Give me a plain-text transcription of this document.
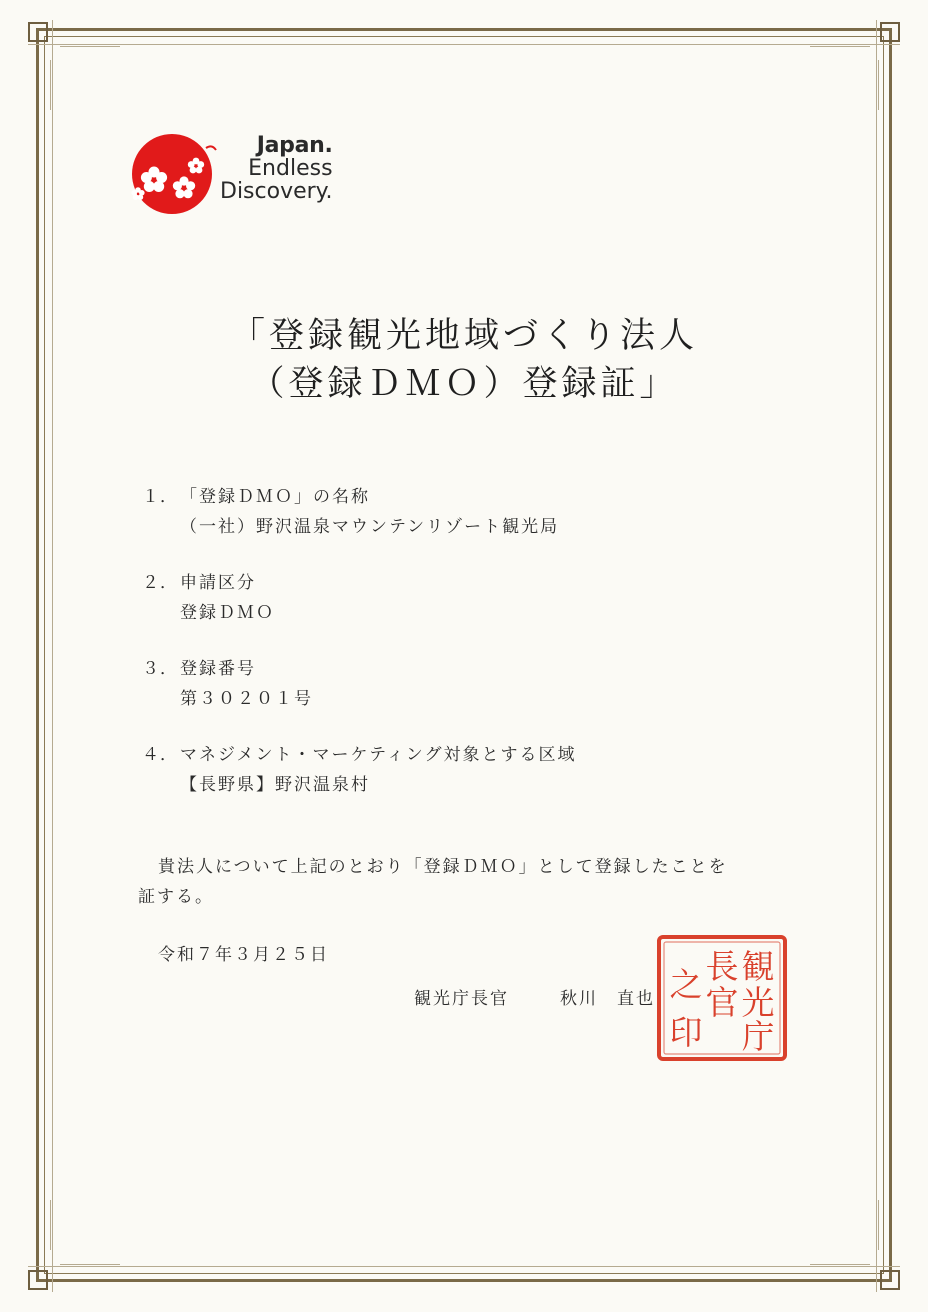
Japan.
Endless
Discovery.
「登録観光地域づくり法人
（登録ＤＭＯ）登録証」
１． 「登録ＤＭＯ」の名称
（一社）野沢温泉マウンテンリゾート観光局
２． 申請区分
登録ＤＭＯ
３． 登録番号
第３０２０１号
４． マネジメント・マーケティング対象とする区域
【長野県】野沢温泉村
貴法人について上記のとおり「登録ＤＭＯ」として登録したことを
証する。
令和７年３月２５日
観光庁長官	秋川　直也
観
光
庁
長
官
之
印
